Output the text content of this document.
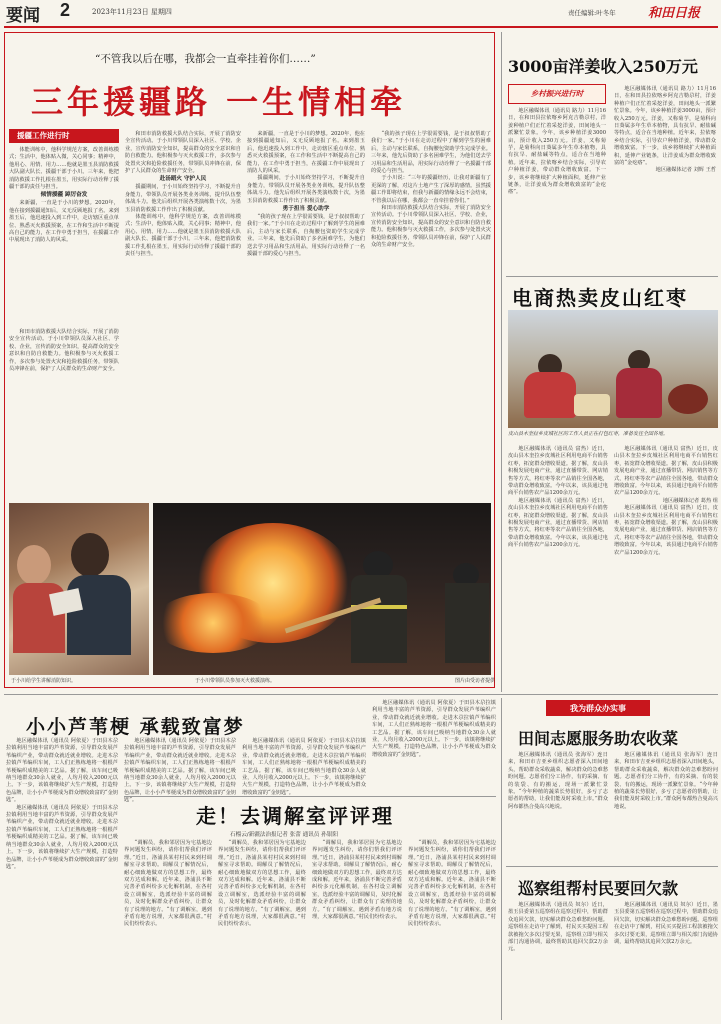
要闻 2	2023年11月23日 星期四	责任编辑:叶冬年 和田日报
“不管我以后在哪，我都会一直牵挂着你们……”
三年援疆路 一生情相牵
援疆工作进行时

体能训练中，他科学规范方案，改善训练模式；生活中，他体贴入微，关心同事；精神中，他用心、用情、用力……他就是墨玉县消防救援大队副大队长、援疆干部于小川。三年来，他把消防救援工作扎根在墨玉，用实际行动诠释了援疆干部的责任与担当。

倾情援疆 踔厉奋发

来新疆，一直是于小川的梦想。2020年，他在接到援疆通知后，义无反顾地报了名。来到墨玉后，他迅速投入到工作中，走访辖区重点单位、熟悉灭火救援预案，在工作和生活中不断提高自己的能力，在工作中勇于担当，在援疆工作中展现出了消防人的风采。

和田市消防救援大队结合实际，开展了消防安全宣传活动。于小川带领队员深入社区、学校、企业，宣传消防安全知识，提高群众的安全意识和自防自救能力。他积极参与灭火救援工作，多次参与处置火灾和抢险救援任务，带领队员冲锋在前，保护了人民群众的生命财产安全。

和田市消防救援大队结合实际，开展了消防安全宣传活动。于小川带领队员深入社区、学校、企业，宣传消防安全知识，提高群众的安全意识和自防自救能力。他积极参与灭火救援工作，多次参与处置火灾和抢险救援任务，带领队员冲锋在前，保护了人民群众的生命财产安全。

赴汤蹈火 守护人民

援疆期间，于小川始终坚持学习，不断提升自身能力，带领队员开展各类业务训练，提升队伍整体战斗力。他先后组织开展各类演练数十次，为墨玉县消防救援工作作出了积极贡献。

体能训练中，他科学规范方案，改善训练模式；生活中，他体贴入微，关心同事；精神中，他用心、用情、用力……他就是墨玉县消防救援大队副大队长、援疆干部于小川。三年来，他把消防救援工作扎根在墨玉，用实际行动诠释了援疆干部的责任与担当。

来新疆，一直是于小川的梦想。2020年，他在接到援疆通知后，义无反顾地报了名。来到墨玉后，他迅速投入到工作中，走访辖区重点单位、熟悉灭火救援预案，在工作和生活中不断提高自己的能力，在工作中勇于担当，在援疆工作中展现出了消防人的风采。

援疆期间，于小川始终坚持学习，不断提升自身能力，带领队员开展各类业务训练，提升队伍整体战斗力。他先后组织开展各类演练数十次，为墨玉县消防救援工作作出了积极贡献。

勇于担当 爱心助学

“我的孩子现在上学很需要钱，是于叔叔帮助了我们一家。”于小川在走访过程中了解到学生的困难后，主动与家长联系，自掏腰包资助学生完成学业。三年来，他先后资助了多名困难学生，为他们送去学习用品和生活用品，用实际行动诠释了一名援疆干部的爱心与担当。

“我的孩子现在上学很需要钱，是于叔叔帮助了我们一家。”于小川在走访过程中了解到学生的困难后，主动与家长联系，自掏腰包资助学生完成学业。三年来，他先后资助了多名困难学生，为他们送去学习用品和生活用品，用实际行动诠释了一名援疆干部的爱心与担当。

于小川说：“三年的援疆经历，让我对新疆有了更深的了解，对这片土地产生了深厚的感情。虽然援疆工作即将结束，但我与新疆的情缘永远不会结束，不管我以后在哪，我都会一直牵挂着你们。”

和田市消防救援大队结合实际，开展了消防安全宣传活动。于小川带领队员深入社区、学校、企业，宣传消防安全知识，提高群众的安全意识和自防自救能力。他积极参与灭火救援工作，多次参与处置火灾和抢险救援任务，带领队员冲锋在前，保护了人民群众的生命财产安全。

于小川给学生讲解消防知识。	于小川带领队员参加灭火救援演练。	图片由受访者提供
3000亩洋姜收入250万元
乡村振兴进行时

地区融媒体讯（通讯员 路力）11月16日，在和田县拉依喀乡阿克吉勒尕村，洋姜种植户们正忙着采挖洋姜，田间地头一派繁忙景象。今年，该乡种植洋姜3000亩，预计收入250万元。洋姜，又称菊芋，是菊科向日葵属多年生草本植物，具有抗旱、耐盐碱等特点，适合在当地种植。近年来，拉依喀乡结合实际，引导农户种植洋姜，带动群众增收致富。下一步，该乡将继续扩大种植面积，延伸产业链条，让洋姜成为群众增收致富的“金疙瘩”。

地区融媒体讯（通讯员 路力）11月16日，在和田县拉依喀乡阿克吉勒尕村，洋姜种植户们正忙着采挖洋姜，田间地头一派繁忙景象。今年，该乡种植洋姜3000亩，预计收入250万元。洋姜，又称菊芋，是菊科向日葵属多年生草本植物，具有抗旱、耐盐碱等特点，适合在当地种植。近年来，拉依喀乡结合实际，引导农户种植洋姜，带动群众增收致富。下一步，该乡将继续扩大种植面积，延伸产业链条，让洋姜成为群众增收致富的“金疙瘩”。

地区融媒体记者 刘辉 王哲

电商热卖皮山红枣
皮山县木奎拉乡皮城社区的工作人员正在打包红枣，准备发往全国各地。

地区融媒体讯（通讯员 富热）近日，皮山县木奎拉乡皮城社区利用电商平台销售红枣，拓宽群众增收渠道。据了解，皮山县积极发展电商产业，通过直播带货、网店销售等方式，将红枣等农产品销往全国各地，带动群众增收致富。今年以来，该县通过电商平台销售农产品1200余万元。

地区融媒体讯（通讯员 富热）近日，皮山县木奎拉乡皮城社区利用电商平台销售红枣，拓宽群众增收渠道。据了解，皮山县积极发展电商产业，通过直播带货、网店销售等方式，将红枣等农产品销往全国各地，带动群众增收致富。今年以来，该县通过电商平台销售农产品1200余万元。

地区融媒体讯（通讯员 富热）近日，皮山县木奎拉乡皮城社区利用电商平台销售红枣，拓宽群众增收渠道。据了解，皮山县积极发展电商产业，通过直播带货、网店销售等方式，将红枣等农产品销往全国各地，带动群众增收致富。今年以来，该县通过电商平台销售农产品1200余万元。

地区融媒体记者 葛热 组

地区融媒体讯（通讯员 富热）近日，皮山县木奎拉乡皮城社区利用电商平台销售红枣，拓宽群众增收渠道。据了解，皮山县积极发展电商产业，通过直播带货、网店销售等方式，将红枣等农产品销往全国各地，带动群众增收致富。今年以来，该县通过电商平台销售农产品1200余万元。

我为群众办实事
田间志愿服务助农收菜

地区融媒体讯（通讯员 张海军）连日来，和田市吉亚乡组织志愿者深入田间地头，帮助群众采收蔬菜，解决群众的急难愁盼问题。志愿者们分工协作，有的采摘、有的装袋、有的搬运，现场一派繁忙景象。“今年种植的蔬菜长势很好，多亏了志愿者的帮助，让我们能及时采收上市。”群众阿布都热合曼高兴地说。

地区融媒体讯（通讯员 张海军）连日来，和田市吉亚乡组织志愿者深入田间地头，帮助群众采收蔬菜，解决群众的急难愁盼问题。志愿者们分工协作，有的采摘、有的装袋、有的搬运，现场一派繁忙景象。“今年种植的蔬菜长势很好，多亏了志愿者的帮助，让我们能及时采收上市。”群众阿布都热合曼高兴地说。

巡察组帮村民要回欠款

地区融媒体讯（通讯员 奴尔）近日，墨玉县委第五巡察组在巡察过程中，帮助群众追回欠款，切实解决群众急难愁盼问题。巡察组在走访中了解到，村民买买提因工程款被拖欠多次讨要无果，巡察组立即与相关部门沟通协调，最终帮助其追回欠款2万余元。

地区融媒体讯（通讯员 奴尔）近日，墨玉县委第五巡察组在巡察过程中，帮助群众追回欠款，切实解决群众急难愁盼问题。巡察组在走访中了解到，村民买买提因工程款被拖欠多次讨要无果，巡察组立即与相关部门沟通协调，最终帮助其追回欠款2万余元。

小小芦苇梗 承载致富梦

地区融媒体讯（通讯员 阿依夏）于田县木尕拉镇利用当地丰富的芦苇资源，引导群众发展芦苇编织产业，带动群众就近就业增收。走进木尕拉镇芦苇编织车间，工人们正熟练地将一根根芦苇梗编织成精美的工艺品。据了解，该车间已吸纳当地群众30余人就业，人均月收入2000元以上。下一步，该镇将继续扩大生产规模，打造特色品牌，让小小芦苇梗成为群众增收致富的“金钥匙”。

地区融媒体讯（通讯员 阿依夏）于田县木尕拉镇利用当地丰富的芦苇资源，引导群众发展芦苇编织产业，带动群众就近就业增收。走进木尕拉镇芦苇编织车间，工人们正熟练地将一根根芦苇梗编织成精美的工艺品。据了解，该车间已吸纳当地群众30余人就业，人均月收入2000元以上。下一步，该镇将继续扩大生产规模，打造特色品牌，让小小芦苇梗成为群众增收致富的“金钥匙”。

地区融媒体讯（通讯员 阿依夏）于田县木尕拉镇利用当地丰富的芦苇资源，引导群众发展芦苇编织产业，带动群众就近就业增收。走进木尕拉镇芦苇编织车间，工人们正熟练地将一根根芦苇梗编织成精美的工艺品。据了解，该车间已吸纳当地群众30余人就业，人均月收入2000元以上。下一步，该镇将继续扩大生产规模，打造特色品牌，让小小芦苇梗成为群众增收致富的“金钥匙”。

地区融媒体讯（通讯员 阿依夏）于田县木尕拉镇利用当地丰富的芦苇资源，引导群众发展芦苇编织产业，带动群众就近就业增收。走进木尕拉镇芦苇编织车间，工人们正熟练地将一根根芦苇梗编织成精美的工艺品。据了解，该车间已吸纳当地群众30余人就业，人均月收入2000元以上。下一步，该镇将继续扩大生产规模，打造特色品牌，让小小芦苇梗成为群众增收致富的“金钥匙”。

地区融媒体讯（通讯员 阿依夏）于田县木尕拉镇利用当地丰富的芦苇资源，引导群众发展芦苇编织产业，带动群众就近就业增收。走进木尕拉镇芦苇编织车间，工人们正熟练地将一根根芦苇梗编织成精美的工艺品。据了解，该车间已吸纳当地群众30余人就业，人均月收入2000元以上。下一步，该镇将继续扩大生产规模，打造特色品牌，让小小芦苇梗成为群众增收致富的“金钥匙”。

走！去调解室评评理
石榴云/新疆法治报记者 张蕾 通讯员 孙银阳

“调解员，我和邻居因为宅基地边界问题发生纠纷，请你们帮我们评评理。”近日，洛浦县某村村民来到村调解室寻求帮助。调解员了解情况后，耐心细致地做双方的思想工作，最终双方达成和解。近年来，洛浦县不断完善矛盾纠纷多元化解机制，在各村设立调解室，选派经验丰富的调解员，及时化解群众矛盾纠纷，让群众有了说理的地方。“有了调解室，遇到矛盾有地方说理，大家都很满意。”村民们纷纷表示。

“调解员，我和邻居因为宅基地边界问题发生纠纷，请你们帮我们评评理。”近日，洛浦县某村村民来到村调解室寻求帮助。调解员了解情况后，耐心细致地做双方的思想工作，最终双方达成和解。近年来，洛浦县不断完善矛盾纠纷多元化解机制，在各村设立调解室，选派经验丰富的调解员，及时化解群众矛盾纠纷，让群众有了说理的地方。“有了调解室，遇到矛盾有地方说理，大家都很满意。”村民们纷纷表示。

“调解员，我和邻居因为宅基地边界问题发生纠纷，请你们帮我们评评理。”近日，洛浦县某村村民来到村调解室寻求帮助。调解员了解情况后，耐心细致地做双方的思想工作，最终双方达成和解。近年来，洛浦县不断完善矛盾纠纷多元化解机制，在各村设立调解室，选派经验丰富的调解员，及时化解群众矛盾纠纷，让群众有了说理的地方。“有了调解室，遇到矛盾有地方说理，大家都很满意。”村民们纷纷表示。

“调解员，我和邻居因为宅基地边界问题发生纠纷，请你们帮我们评评理。”近日，洛浦县某村村民来到村调解室寻求帮助。调解员了解情况后，耐心细致地做双方的思想工作，最终双方达成和解。近年来，洛浦县不断完善矛盾纠纷多元化解机制，在各村设立调解室，选派经验丰富的调解员，及时化解群众矛盾纠纷，让群众有了说理的地方。“有了调解室，遇到矛盾有地方说理，大家都很满意。”村民们纷纷表示。
